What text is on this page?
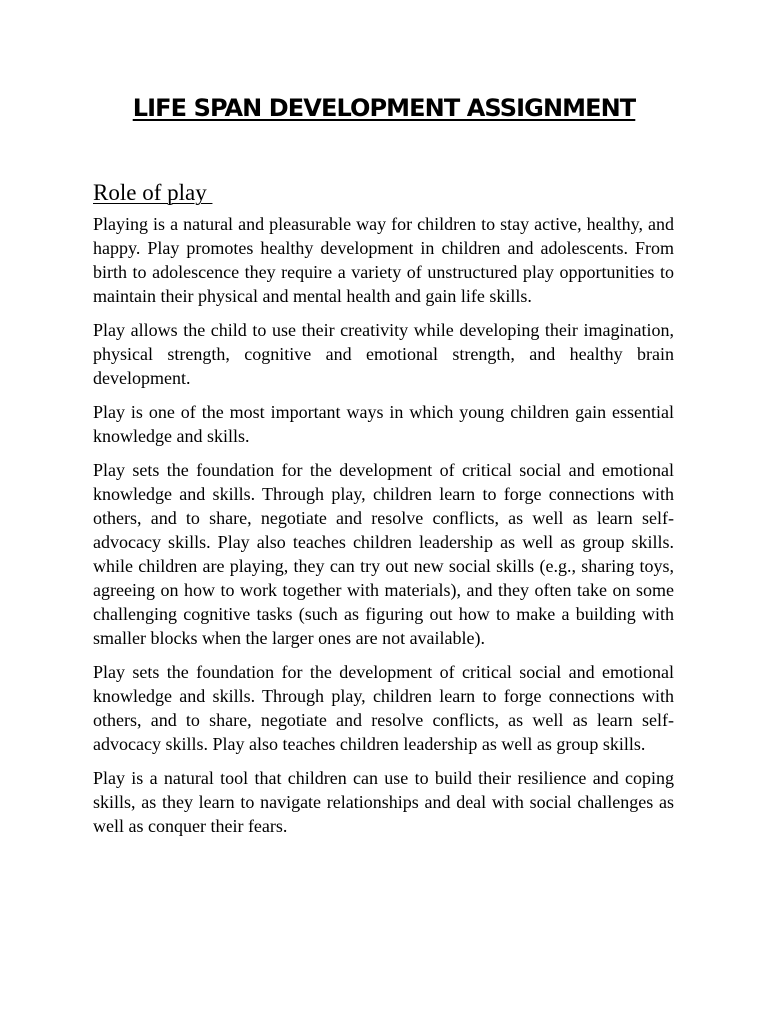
LIFE SPAN DEVELOPMENT ASSIGNMENT
Role of play

Playing is a natural and pleasurable way for children to stay active, healthy, and happy. Play promotes healthy development in children and adolescents. From birth to adolescence they require a variety of unstructured play opportunities to maintain their physical and mental health and gain life skills.

Play allows the child to use their creativity while developing their imagination, physical strength, cognitive and emotional strength, and healthy brain development.

Play is one of the most important ways in which young children gain essential knowledge and skills.

Play sets the foundation for the development of critical social and emotional knowledge and skills. Through play, children learn to forge connections with others, and to share, negotiate and resolve conflicts, as well as learn self-advocacy skills. Play also teaches children leadership as well as group skills. while children are playing, they can try out new social skills (e.g., sharing toys, agreeing on how to work together with materials), and they often take on some challenging cognitive tasks (such as figuring out how to make a building with smaller blocks when the larger ones are not available).

Play sets the foundation for the development of critical social and emotional knowledge and skills. Through play, children learn to forge connections with others, and to share, negotiate and resolve conflicts, as well as learn self-advocacy skills. Play also teaches children leadership as well as group skills.

Play is a natural tool that children can use to build their resilience and coping skills, as they learn to navigate relationships and deal with social challenges as well as conquer their fears.
